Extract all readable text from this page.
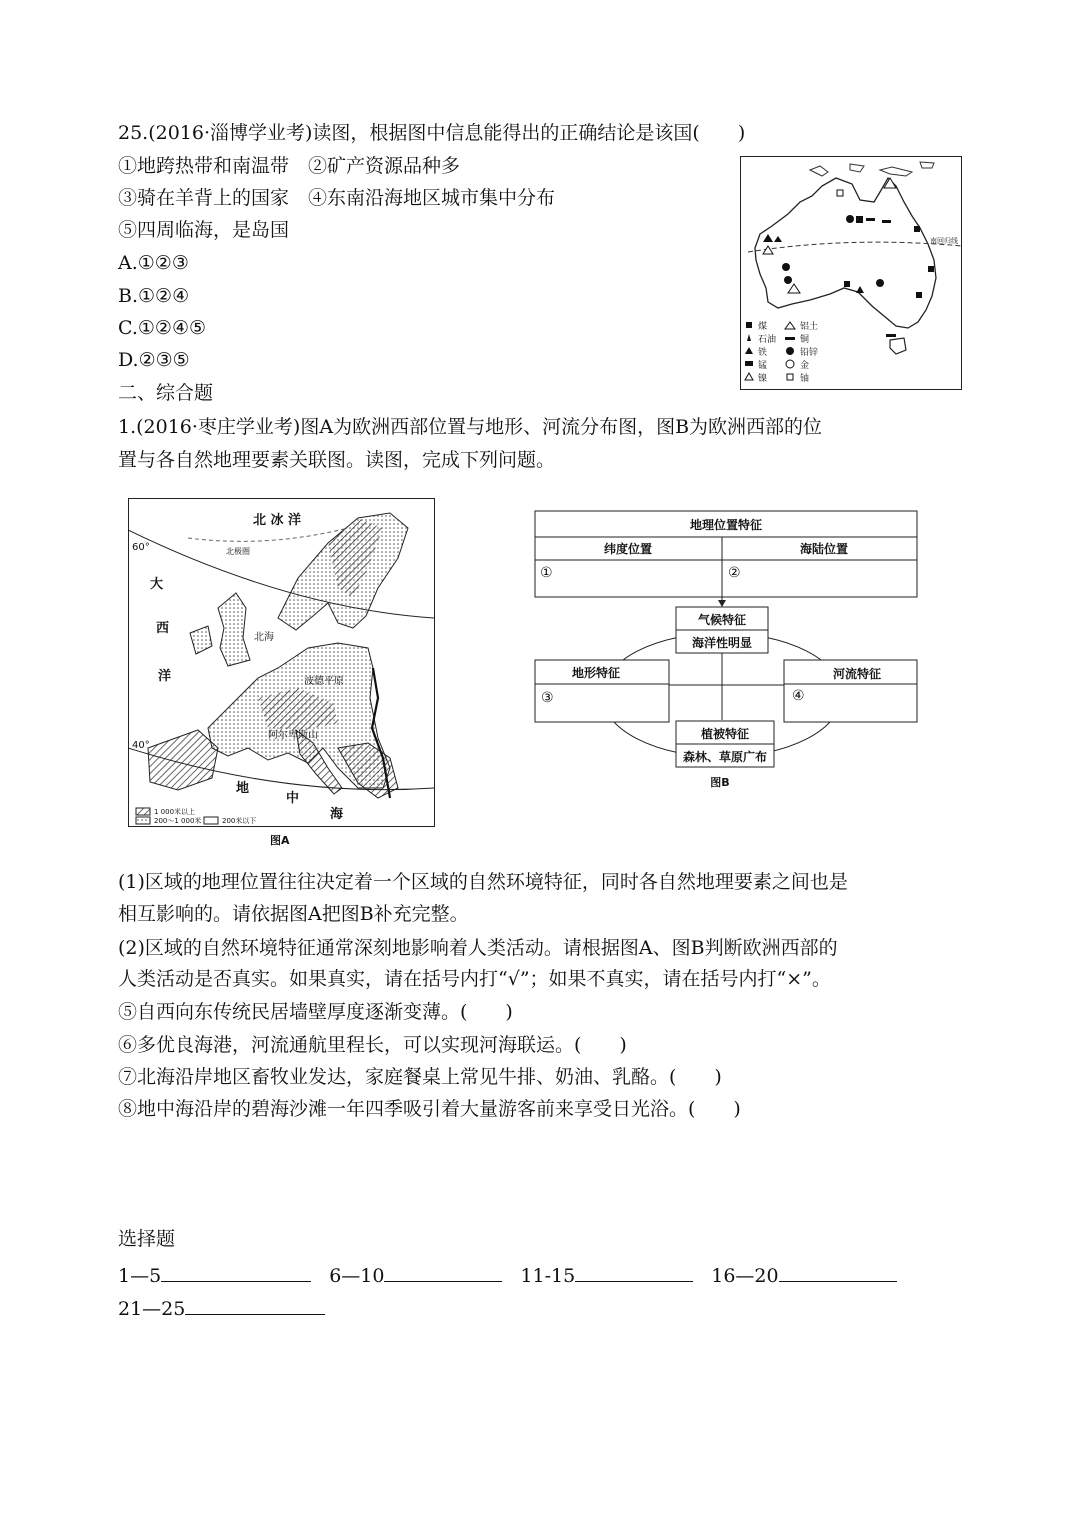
25.(2016·淄博学业考)读图，根据图中信息能得出的正确结论是该国(　　)
①地跨热带和南温带　②矿产资源品种多
③骑在羊背上的国家　④东南沿海地区城市集中分布
⑤四周临海，是岛国
A.①②③
B.①②④
C.①②④⑤
D.②③⑤
南回归线
煤	铝土
石油	铜
铁	铅锌
锰	金
镍	铀
二、综合题
1.(2016·枣庄学业考)图A为欧洲西部位置与地形、河流分布图，图B为欧洲西部的位
置与各自然地理要素关联图。读图，完成下列问题。
北 冰 洋
大
西
洋
地
中
海
60°
40°
北极圈
北海
波德平原
阿尔卑斯山
1 000米以上
200～1 000米	200米以下
图A
地理位置特征
纬度位置	海陆位置
气候特征
海洋性明显
地形特征	河流特征
植被特征
森林、草原广布
①	②
③	④
图B
(1)区域的地理位置往往决定着一个区域的自然环境特征，同时各自然地理要素之间也是
相互影响的。请依据图A把图B补充完整。
(2)区域的自然环境特征通常深刻地影响着人类活动。请根据图A、图B判断欧洲西部的
人类活动是否真实。如果真实，请在括号内打“√”；如果不真实，请在括号内打“×”。
⑤自西向东传统民居墙壁厚度逐渐变薄。(　　)
⑥多优良海港，河流通航里程长，可以实现河海联运。(　　)
⑦北海沿岸地区畜牧业发达，家庭餐桌上常见牛排、奶油、乳酪。(　　)
⑧地中海沿岸的碧海沙滩一年四季吸引着大量游客前来享受日光浴。(　　)
选择题
1—5	6—10	11-15	16—20
21—25
